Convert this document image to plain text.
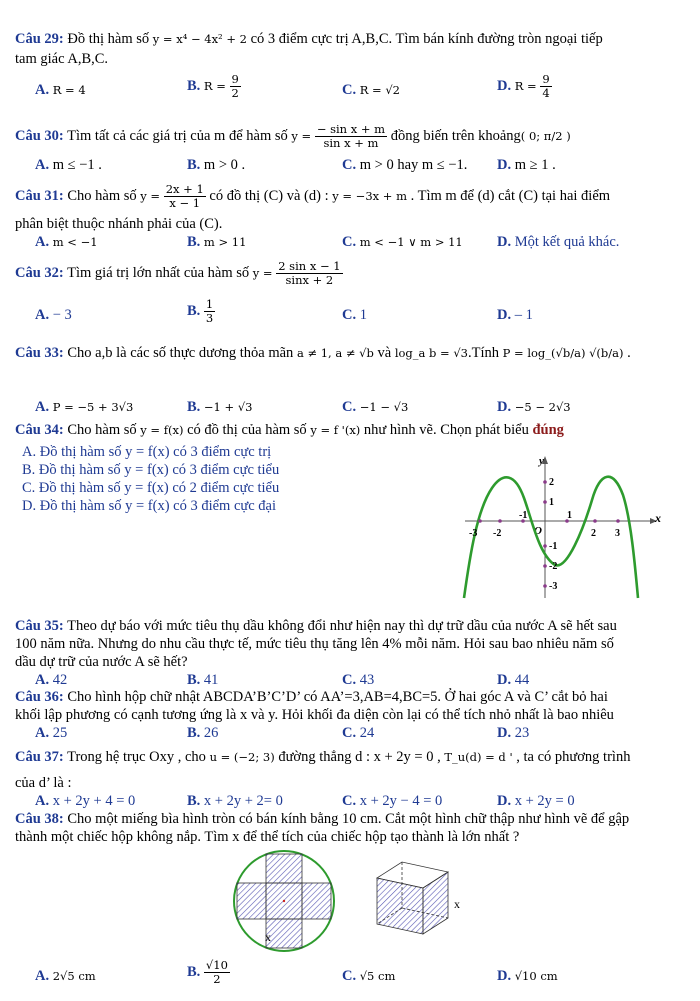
Câu 29: Đồ thị hàm số y = x⁴ − 4x² + 2 có 3 điểm cực trị A,B,C. Tìm bán kính đường tròn ngoại tiếp
tam giác A,B,C.
A. R = 4	B. $R = \frac{9}{2}$	C. R = √2	D. $R = \frac{9}{4}$
Câu 30: Tìm tất cả các giá trị của m để hàm số $y = \frac{\text{− sin x + m}}{\text{sin x + m}}$ đồng biến trên khoảng( 0; π/2 )
A. m ≤ −1 .	B. m > 0 .	C. m > 0 hay m ≤ −1. D. m ≥ 1 .
Câu 31: Cho hàm số $y = \frac{2x + 1}{x - 1}$ có đồ thị (C) và (d) : y = −3x + m . Tìm m để (d) cắt (C) tại hai điểm
phân biệt thuộc nhánh phải của (C).
A. m < −1	B. m > 11	C. m < −1 ∨ m > 11 D. Một kết quả khác.
Câu 32: Tìm giá trị lớn nhất của hàm số $y = \frac{\text{2 sin x − 1}}{\sin x + 2}$
A. − 3	B. $\frac{1}{3}$	C. 1	D. – 1
Câu 33: Cho a,b là các số thực dương thỏa mãn a ≠ 1, a ≠ √b và log_a b = √3.Tính P = log_(√b/a) √(b/a) .
A. P = −5 + 3√3	B. −1 + √3	C. −1 − √3	D. −5 − 2√3
Câu 34: Cho hàm số y = f(x) có đồ thị của hàm số y = f '(x) như hình vẽ. Chọn phát biểu đúng
A. Đồ thị hàm số y = f(x) có 3 điểm cực trị
B. Đồ thị hàm số y = f(x) có 3 điểm cực tiểu
C. Đồ thị hàm số y = f(x) có 2 điểm cực tiểu
D. Đồ thị hàm số y = f(x) có 3 điểm cực đại
x
y
O
-3 -2
-1	1
2 3
2
1
-1
-2
-3
Câu 35: Theo dự báo với mức tiêu thụ dầu không đổi như hiện nay thì dự trữ dầu của nước A sẽ hết sau
100 năm nữa. Nhưng do nhu cầu thực tế, mức tiêu thụ tăng lên 4% mỗi năm. Hỏi sau bao nhiêu năm số
dầu dự trữ của nước A sẽ hết?
A. 42	B. 41	C. 43	D. 44
Câu 36: Cho hình hộp chữ nhật ABCDA’B’C’D’ có AA’=3,AB=4,BC=5. Ở hai góc A và C’ cắt bỏ hai
khối lập phương có cạnh tương ứng là x và y. Hỏi khối đa diện còn lại có thể tích nhỏ nhất là bao nhiêu
A. 25	B. 26	C. 24	D. 23
Câu 37: Trong hệ trục Oxy , cho u = (−2; 3) đường thẳng d : x + 2y = 0 , T_u(d) = d ' , ta có phương trình
của d’ là :
A. x + 2y + 4 = 0	B. x + 2y + 2= 0	C. x + 2y − 4 = 0	D. x + 2y = 0
Câu 38: Cho một miếng bìa hình tròn có bán kính bằng 10 cm. Cắt một hình chữ thập như hình vẽ để gập
thành một chiếc hộp không nắp. Tìm x để thể tích của chiếc hộp tạo thành là lớn nhất ?
x
x
A. 2√5 cm	B. $\frac{√10}{2}$	C. √5 cm	D. √10 cm
